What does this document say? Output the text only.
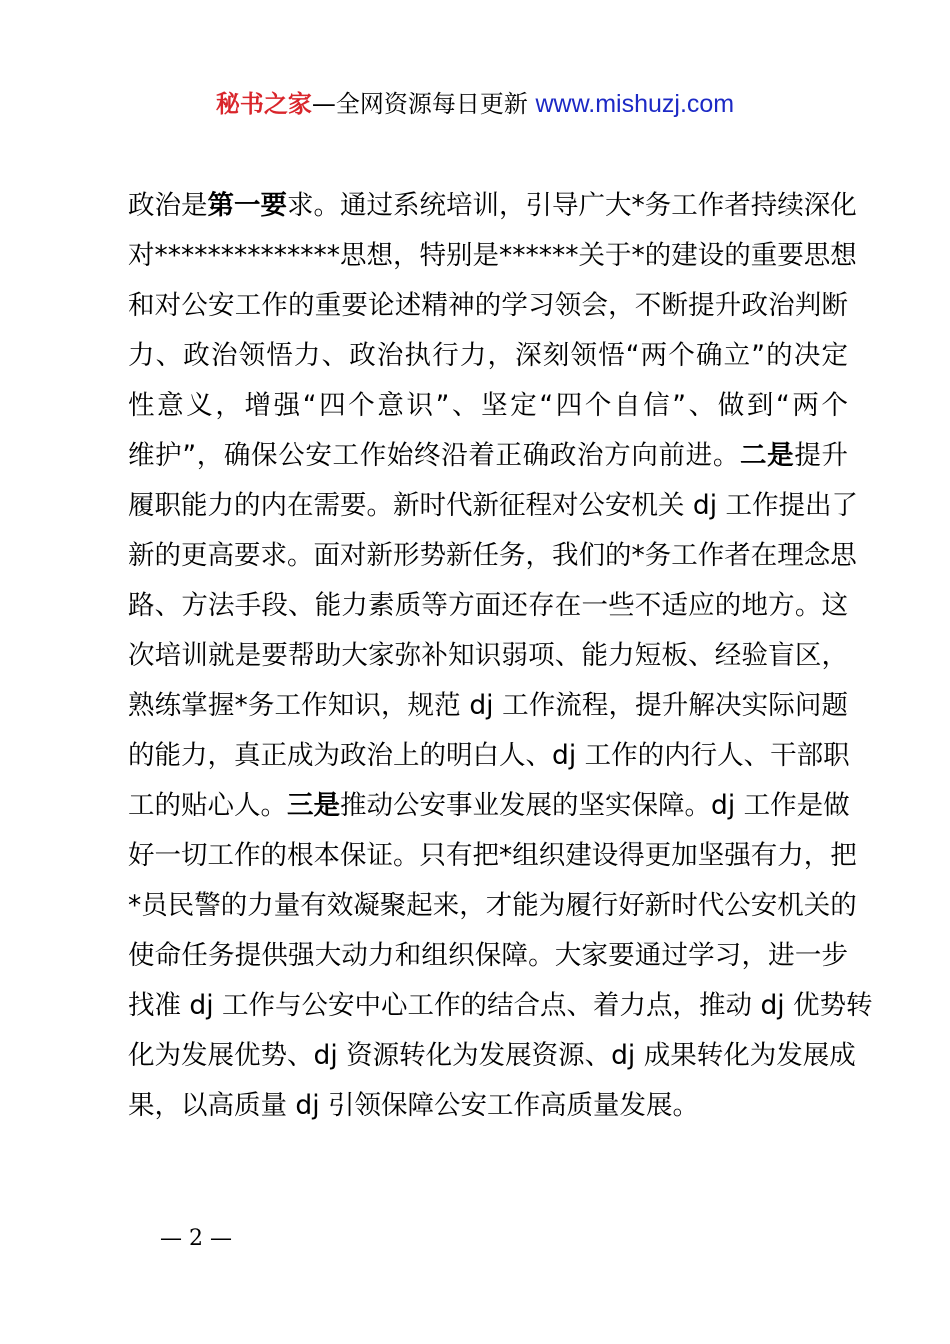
秘书之家—全网资源每日更新 www.mishuzj.com
政治是第一要求。通过系统培训，引导广大*务工作者持续深化
对**************思想，特别是******关于*的建设的重要思想
和对公安工作的重要论述精神的学习领会，不断提升政治判断
力、政治领悟力、政治执行力，深刻领悟“两个确立”的决定
性意义，增强“四个意识”、坚定“四个自信”、做到“两个
维护”，确保公安工作始终沿着正确政治方向前进。二是提升
履职能力的内在需要。新时代新征程对公安机关 dj 工作提出了
新的更高要求。面对新形势新任务，我们的*务工作者在理念思
路、方法手段、能力素质等方面还存在一些不适应的地方。这
次培训就是要帮助大家弥补知识弱项、能力短板、经验盲区，
熟练掌握*务工作知识，规范 dj 工作流程，提升解决实际问题
的能力，真正成为政治上的明白人、dj 工作的内行人、干部职
工的贴心人。三是推动公安事业发展的坚实保障。dj 工作是做
好一切工作的根本保证。只有把*组织建设得更加坚强有力，把
*员民警的力量有效凝聚起来，才能为履行好新时代公安机关的
使命任务提供强大动力和组织保障。大家要通过学习，进一步
找准 dj 工作与公安中心工作的结合点、着力点，推动 dj 优势转
化为发展优势、dj 资源转化为发展资源、dj 成果转化为发展成
果，以高质量 dj 引领保障公安工作高质量发展。
— 2 —
